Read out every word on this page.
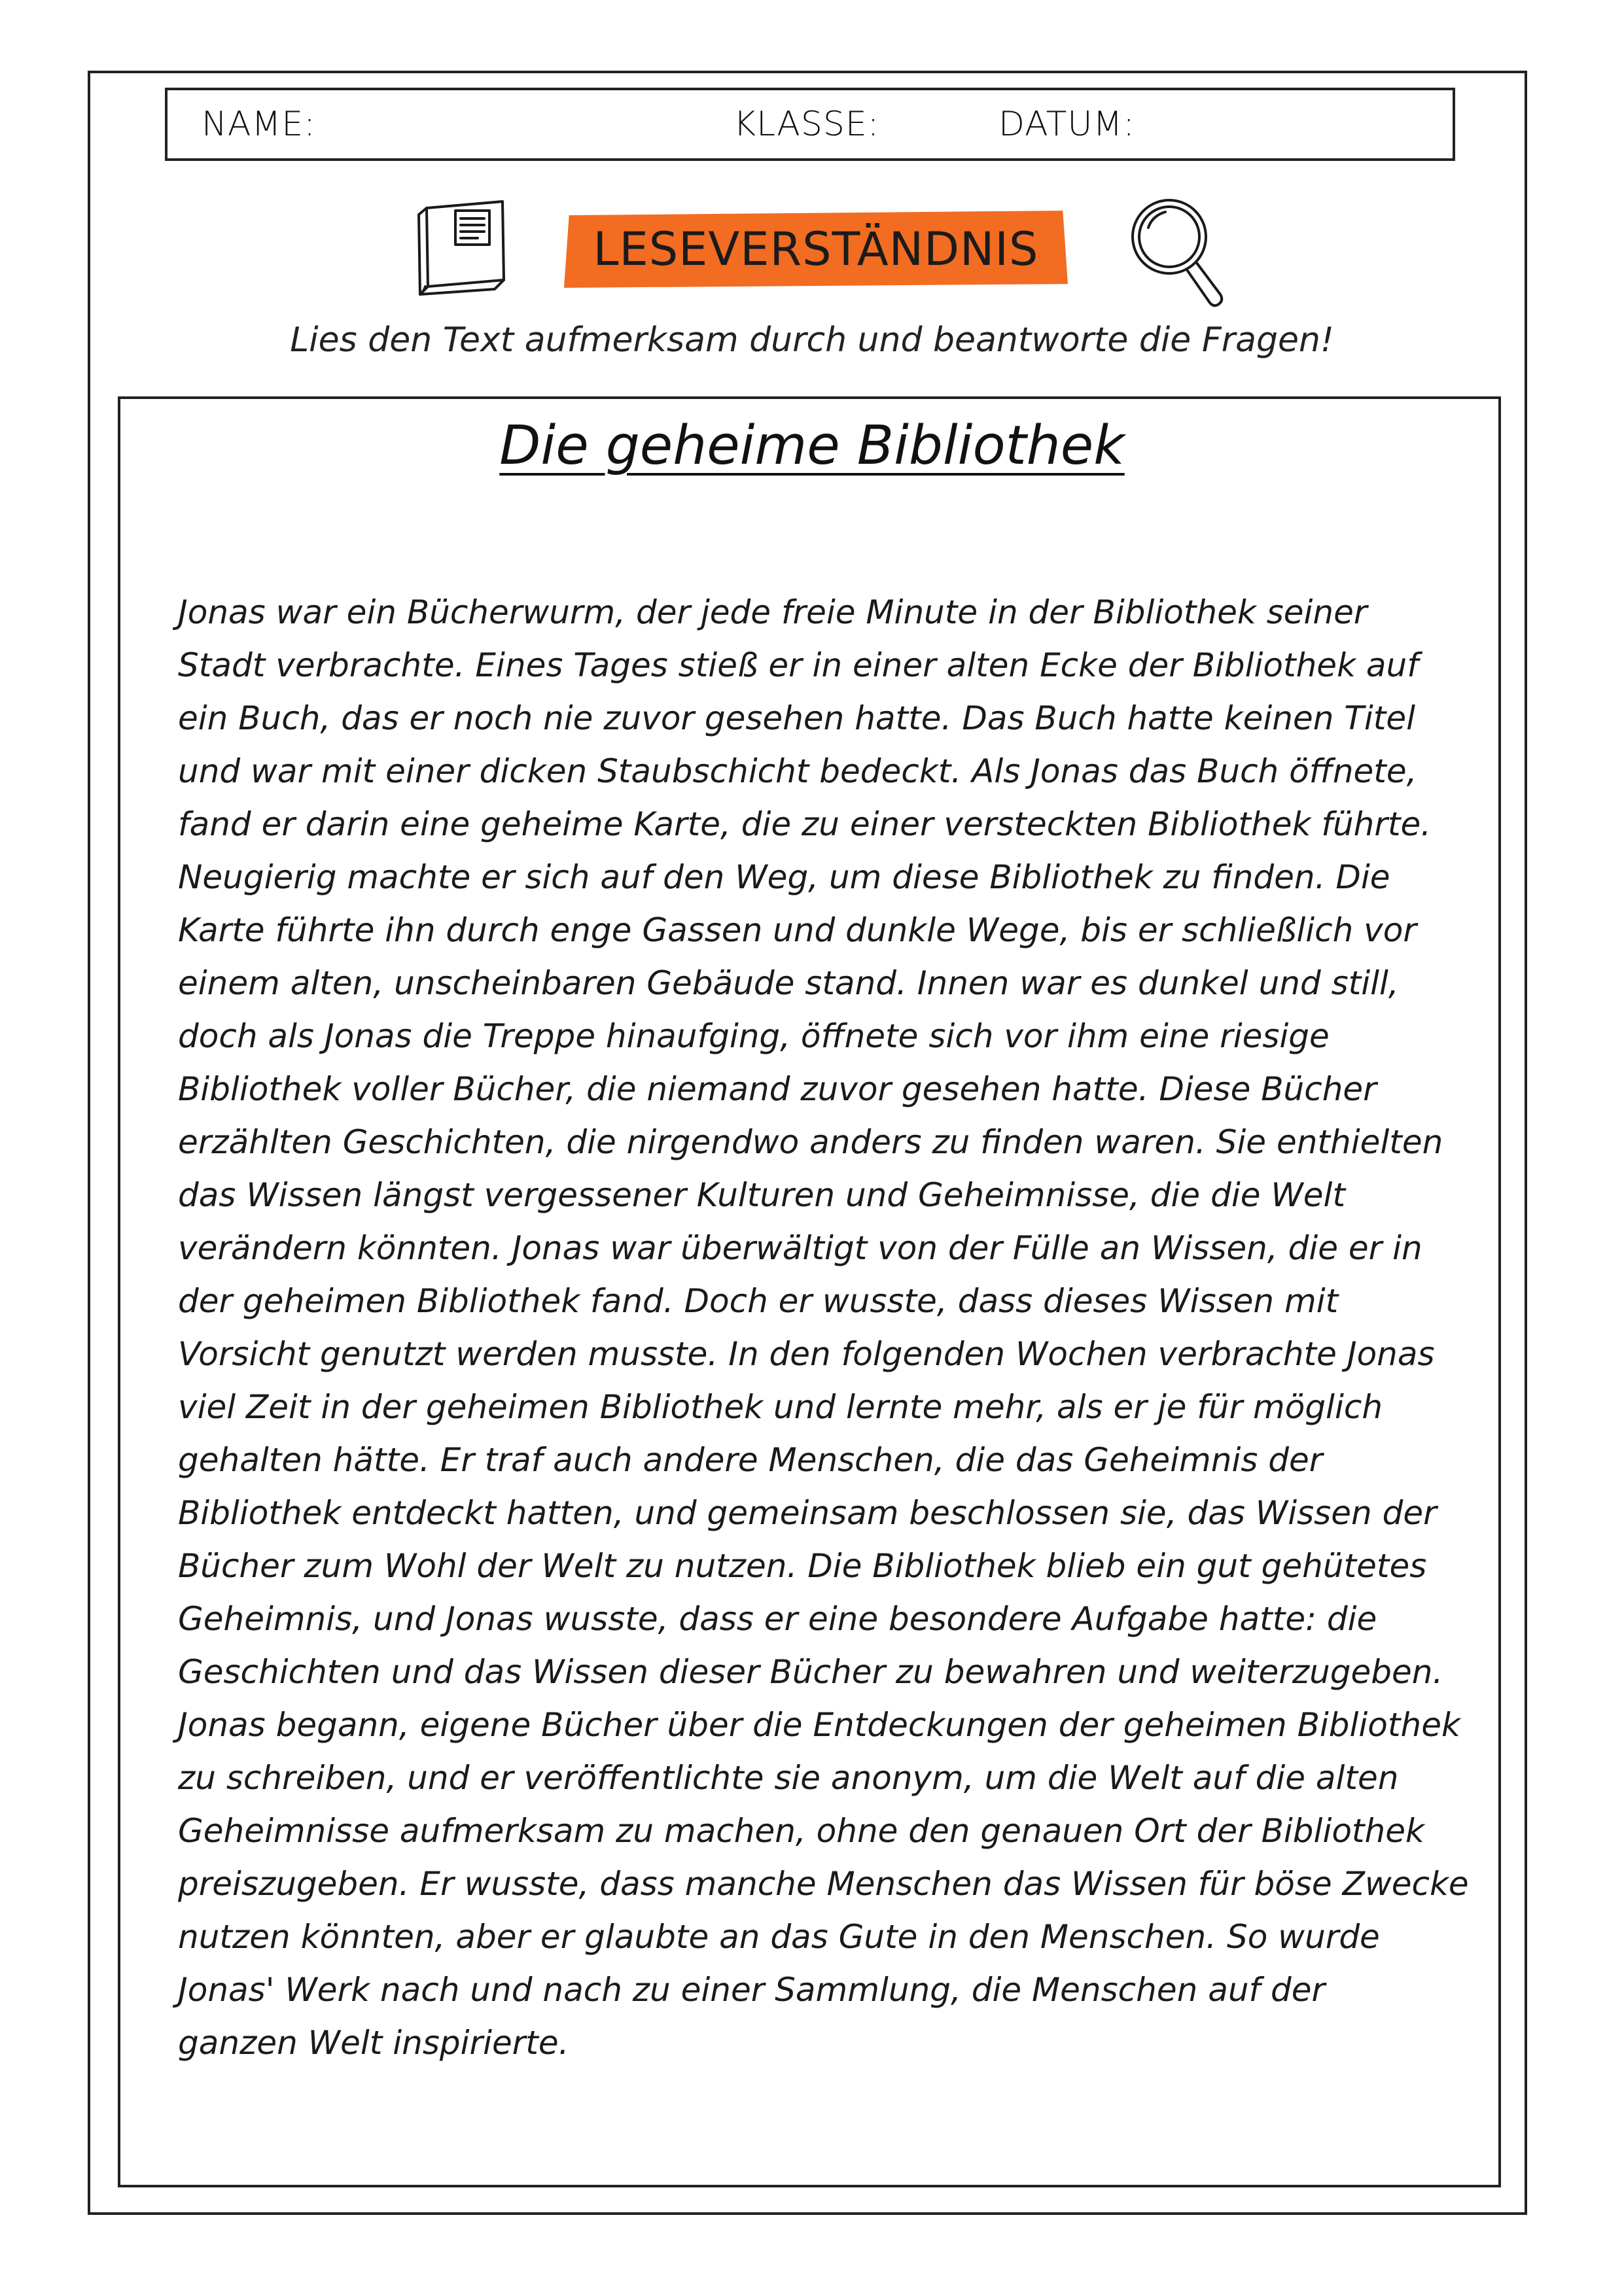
NAME:	KLASSE:	DATUM:
LESEVERSTÄNDNIS
Lies den Text aufmerksam durch und beantworte die Fragen!
Die geheime Bibliothek
Jonas war ein Bücherwurm, der jede freie Minute in der Bibliothek seiner
Stadt verbrachte. Eines Tages stieß er in einer alten Ecke der Bibliothek auf
ein Buch, das er noch nie zuvor gesehen hatte. Das Buch hatte keinen Titel
und war mit einer dicken Staubschicht bedeckt. Als Jonas das Buch öffnete,
fand er darin eine geheime Karte, die zu einer versteckten Bibliothek führte.
Neugierig machte er sich auf den Weg, um diese Bibliothek zu finden. Die
Karte führte ihn durch enge Gassen und dunkle Wege, bis er schließlich vor
einem alten, unscheinbaren Gebäude stand. Innen war es dunkel und still,
doch als Jonas die Treppe hinaufging, öffnete sich vor ihm eine riesige
Bibliothek voller Bücher, die niemand zuvor gesehen hatte. Diese Bücher
erzählten Geschichten, die nirgendwo anders zu finden waren. Sie enthielten
das Wissen längst vergessener Kulturen und Geheimnisse, die die Welt
verändern könnten. Jonas war überwältigt von der Fülle an Wissen, die er in
der geheimen Bibliothek fand. Doch er wusste, dass dieses Wissen mit
Vorsicht genutzt werden musste. In den folgenden Wochen verbrachte Jonas
viel Zeit in der geheimen Bibliothek und lernte mehr, als er je für möglich
gehalten hätte. Er traf auch andere Menschen, die das Geheimnis der
Bibliothek entdeckt hatten, und gemeinsam beschlossen sie, das Wissen der
Bücher zum Wohl der Welt zu nutzen. Die Bibliothek blieb ein gut gehütetes
Geheimnis, und Jonas wusste, dass er eine besondere Aufgabe hatte: die
Geschichten und das Wissen dieser Bücher zu bewahren und weiterzugeben.
Jonas begann, eigene Bücher über die Entdeckungen der geheimen Bibliothek
zu schreiben, und er veröffentlichte sie anonym, um die Welt auf die alten
Geheimnisse aufmerksam zu machen, ohne den genauen Ort der Bibliothek
preiszugeben. Er wusste, dass manche Menschen das Wissen für böse Zwecke
nutzen könnten, aber er glaubte an das Gute in den Menschen. So wurde
Jonas' Werk nach und nach zu einer Sammlung, die Menschen auf der
ganzen Welt inspirierte.
